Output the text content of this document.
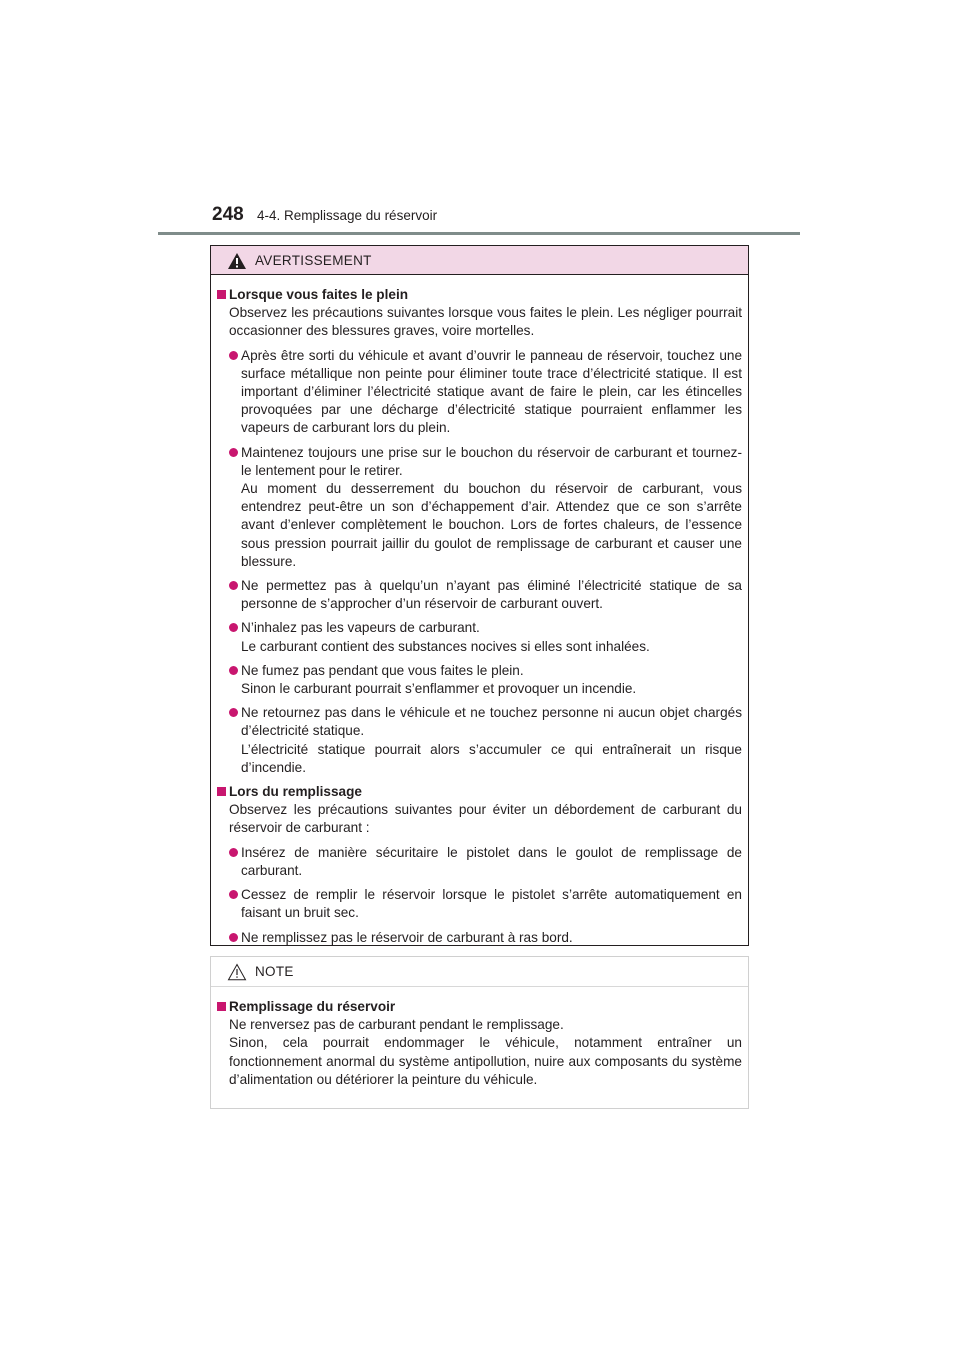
248 4-4. Remplissage du réservoir
AVERTISSEMENT
Lorsque vous faites le plein
Observez les précautions suivantes lorsque vous faites le plein. Les négliger pourrait occasionner des blessures graves, voire mortelles.
Après être sorti du véhicule et avant d’ouvrir le panneau de réservoir, touchez une surface métallique non peinte pour éliminer toute trace d’électricité statique. Il est important d’éliminer l’électricité statique avant de faire le plein, car les étincelles provoquées par une décharge d’électricité statique pourraient enflammer les vapeurs de carburant lors du plein.
Maintenez toujours une prise sur le bouchon du réservoir de carburant et tournez-le lentement pour le retirer.
Au moment du desserrement du bouchon du réservoir de carburant, vous entendrez peut-être un son d’échappement d’air. Attendez que ce son s’arrête avant d’enlever complètement le bouchon. Lors de fortes chaleurs, de l’essence sous pression pourrait jaillir du goulot de remplissage de carburant et causer une blessure.
Ne permettez pas à quelqu’un n’ayant pas éliminé l’électricité statique de sa personne de s’approcher d’un réservoir de carburant ouvert.
N’inhalez pas les vapeurs de carburant.
Le carburant contient des substances nocives si elles sont inhalées.
Ne fumez pas pendant que vous faites le plein.
Sinon le carburant pourrait s’enflammer et provoquer un incendie.
Ne retournez pas dans le véhicule et ne touchez personne ni aucun objet chargés d’électricité statique.
L’électricité statique pourrait alors s’accumuler ce qui entraînerait un risque d’incendie.
Lors du remplissage
Observez les précautions suivantes pour éviter un débordement de carburant du réservoir de carburant :
Insérez de manière sécuritaire le pistolet dans le goulot de remplissage de carburant.
Cessez de remplir le réservoir lorsque le pistolet s’arrête automatiquement en faisant un bruit sec.
Ne remplissez pas le réservoir de carburant à ras bord.
NOTE
Remplissage du réservoir
Ne renversez pas de carburant pendant le remplissage.
Sinon, cela pourrait endommager le véhicule, notamment entraîner un fonctionnement anormal du système antipollution, nuire aux composants du système d’alimentation ou détériorer la peinture du véhicule.
